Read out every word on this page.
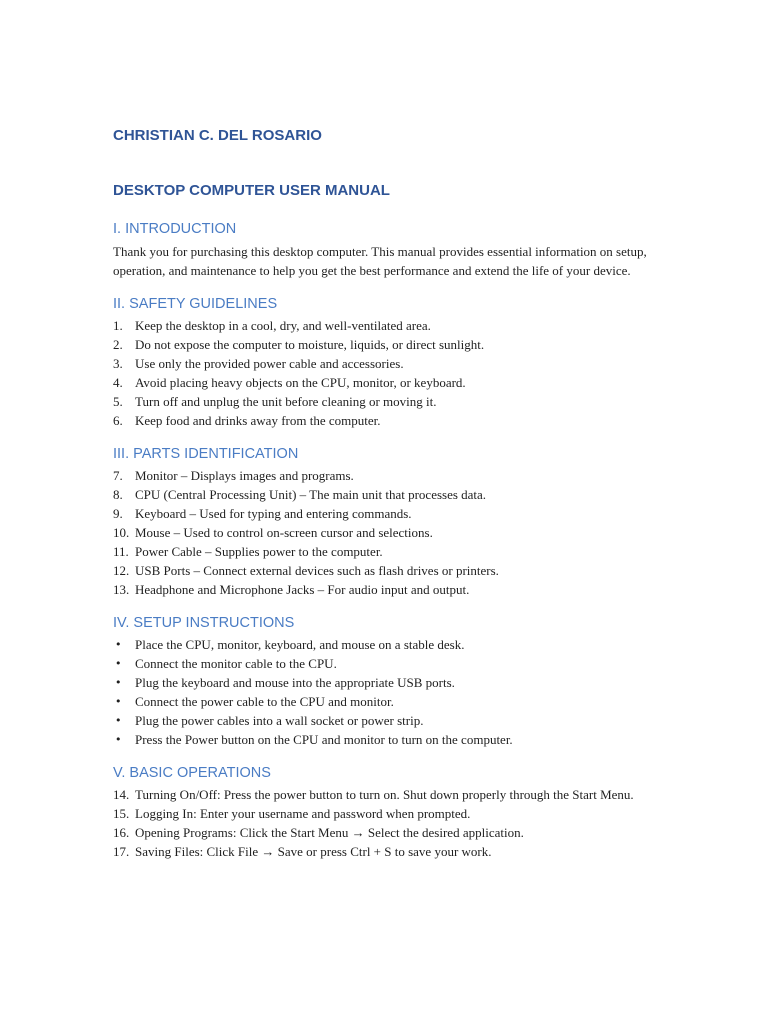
CHRISTIAN C. DEL ROSARIO
DESKTOP COMPUTER USER MANUAL
I. INTRODUCTION

Thank you for purchasing this desktop computer. This manual provides essential information on setup, operation, and maintenance to help you get the best performance and extend the life of your device.

II. SAFETY GUIDELINES
1. Keep the desktop in a cool, dry, and well-ventilated area.
2. Do not expose the computer to moisture, liquids, or direct sunlight.
3. Use only the provided power cable and accessories.
4. Avoid placing heavy objects on the CPU, monitor, or keyboard.
5. Turn off and unplug the unit before cleaning or moving it.
6. Keep food and drinks away from the computer.
III. PARTS IDENTIFICATION
7. Monitor – Displays images and programs.
8. CPU (Central Processing Unit) – The main unit that processes data.
9. Keyboard – Used for typing and entering commands.
10. Mouse – Used to control on-screen cursor and selections.
11. Power Cable – Supplies power to the computer.
12. USB Ports – Connect external devices such as flash drives or printers.
13. Headphone and Microphone Jacks – For audio input and output.
IV. SETUP INSTRUCTIONS
• Place the CPU, monitor, keyboard, and mouse on a stable desk.
• Connect the monitor cable to the CPU.
• Plug the keyboard and mouse into the appropriate USB ports.
• Connect the power cable to the CPU and monitor.
• Plug the power cables into a wall socket or power strip.
• Press the Power button on the CPU and monitor to turn on the computer.
V. BASIC OPERATIONS
14. Turning On/Off: Press the power button to turn on. Shut down properly through the Start Menu.
15. Logging In: Enter your username and password when prompted.
16. Opening Programs: Click the Start Menu → Select the desired application.
17. Saving Files: Click File → Save or press Ctrl + S to save your work.
